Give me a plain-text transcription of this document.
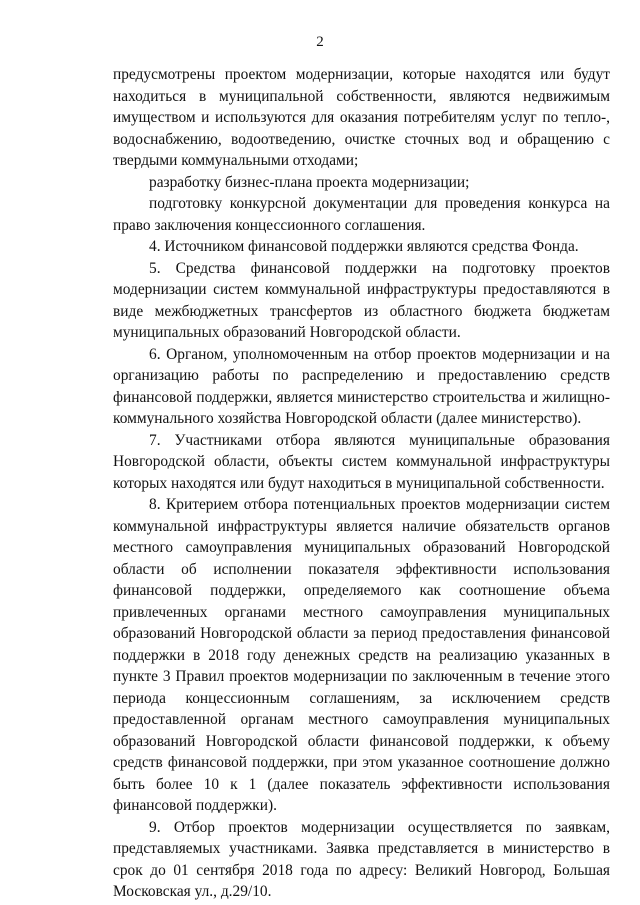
2

предусмотрены проектом модернизации, которые находятся или будут находиться в муниципальной собственности, являются недвижимым имуществом и используются для оказания потребителям услуг по тепло-, водоснабжению, водоотведению, очистке сточных вод и обращению с твердыми коммунальными отходами;

разработку бизнес-плана проекта модернизации;

подготовку конкурсной документации для проведения конкурса на право заключения концессионного соглашения.

4. Источником финансовой поддержки являются средства Фонда.

5. Средства финансовой поддержки на подготовку проектов модернизации систем коммунальной инфраструктуры предоставляются в виде межбюджетных трансфертов из областного бюджета бюджетам муниципальных образований Новгородской области.

6. Органом, уполномоченным на отбор проектов модернизации и на организацию работы по распределению и предоставлению средств финансовой поддержки, является министерство строительства и жилищно-коммунального хозяйства Новгородской области (далее министерство).

7. Участниками отбора являются муниципальные образования Новгородской области, объекты систем коммунальной инфраструктуры которых находятся или будут находиться в муниципальной собственности.

8. Критерием отбора потенциальных проектов модернизации систем коммунальной инфраструктуры является наличие обязательств органов местного самоуправления муниципальных образований Новгородской области об исполнении показателя эффективности использования финансовой поддержки, определяемого как соотношение объема привлеченных органами местного самоуправления муниципальных образований Новгородской области за период предоставления финансовой поддержки в 2018 году денежных средств на реализацию указанных в пункте 3 Правил проектов модернизации по заключенным в течение этого периода концессионным соглашениям, за исключением средств предоставленной органам местного самоуправления муниципальных образований Новгородской области финансовой поддержки, к объему средств финансовой поддержки, при этом указанное соотношение должно быть более 10 к 1 (далее показатель эффективности использования финансовой поддержки).

9. Отбор проектов модернизации осуществляется по заявкам, представляемых участниками. Заявка представляется в министерство в срок до 01 сентября 2018 года по адресу: Великий Новгород, Большая Московская ул., д.29/10.
